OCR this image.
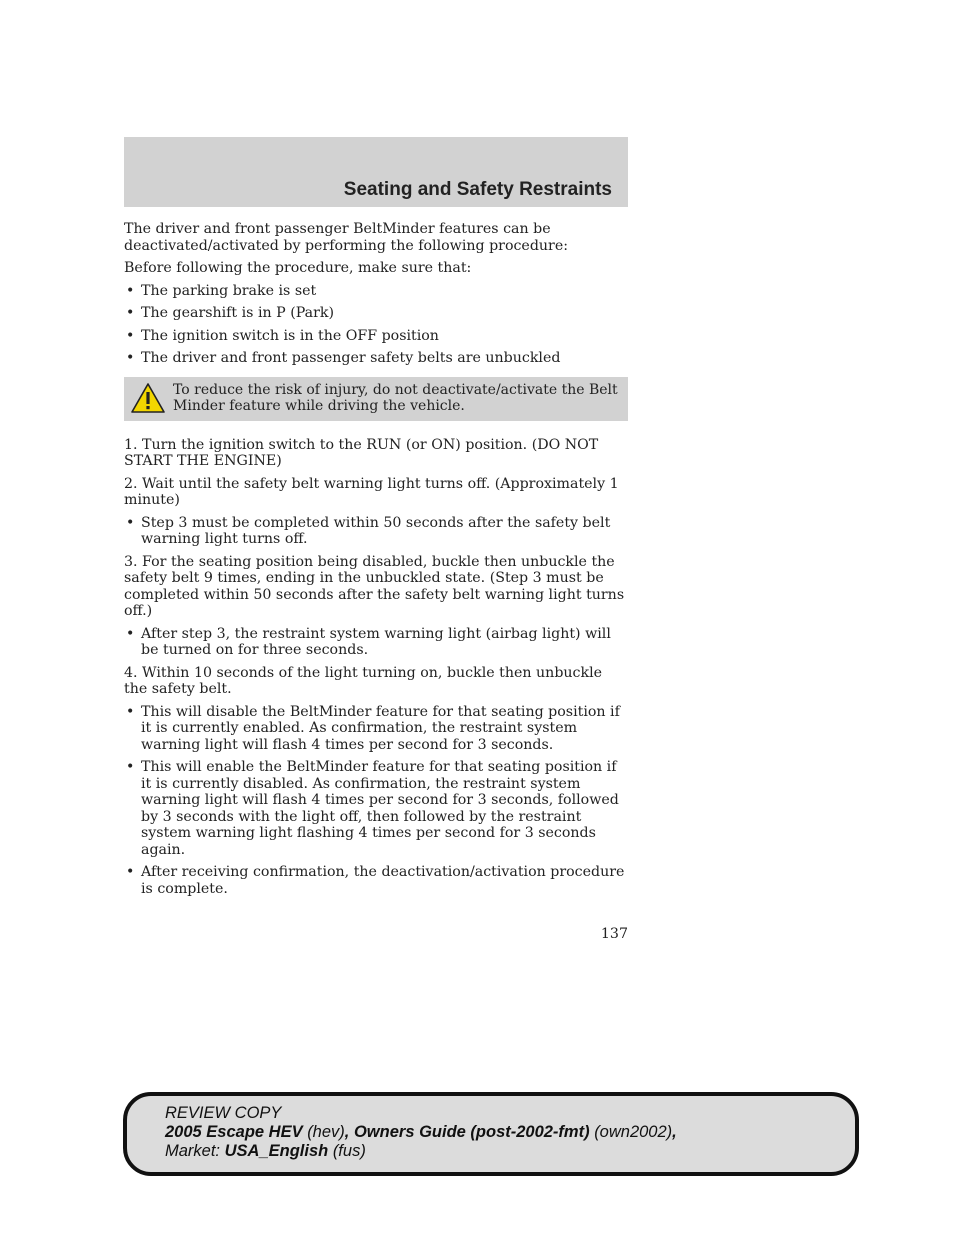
Seating and Safety Restraints

The driver and front passenger BeltMinder features can be deactivated/activated by performing the following procedure:

Before following the procedure, make sure that:

• The parking brake is set
• The gearshift is in P (Park)
• The ignition switch is in the OFF position
• The driver and front passenger safety belts are unbuckled
To reduce the risk of injury, do not deactivate/activate the Belt Minder feature while driving the vehicle.

1. Turn the ignition switch to the RUN (or ON) position. (DO NOT START THE ENGINE)

2. Wait until the safety belt warning light turns off. (Approximately 1 minute)

• Step 3 must be completed within 50 seconds after the safety belt warning light turns off.

3. For the seating position being disabled, buckle then unbuckle the safety belt 9 times, ending in the unbuckled state. (Step 3 must be completed within 50 seconds after the safety belt warning light turns off.)

• After step 3, the restraint system warning light (airbag light) will be turned on for three seconds.

4. Within 10 seconds of the light turning on, buckle then unbuckle the safety belt.

• This will disable the BeltMinder feature for that seating position if it is currently enabled. As confirmation, the restraint system warning light will flash 4 times per second for 3 seconds.
• This will enable the BeltMinder feature for that seating position if it is currently disabled. As confirmation, the restraint system warning light will flash 4 times per second for 3 seconds, followed by 3 seconds with the light off, then followed by the restraint system warning light flashing 4 times per second for 3 seconds again.
• After receiving confirmation, the deactivation/activation procedure is complete.
137
REVIEW COPY
2005 Escape HEV (hev), Owners Guide (post-2002-fmt) (own2002),
Market: USA_English (fus)
